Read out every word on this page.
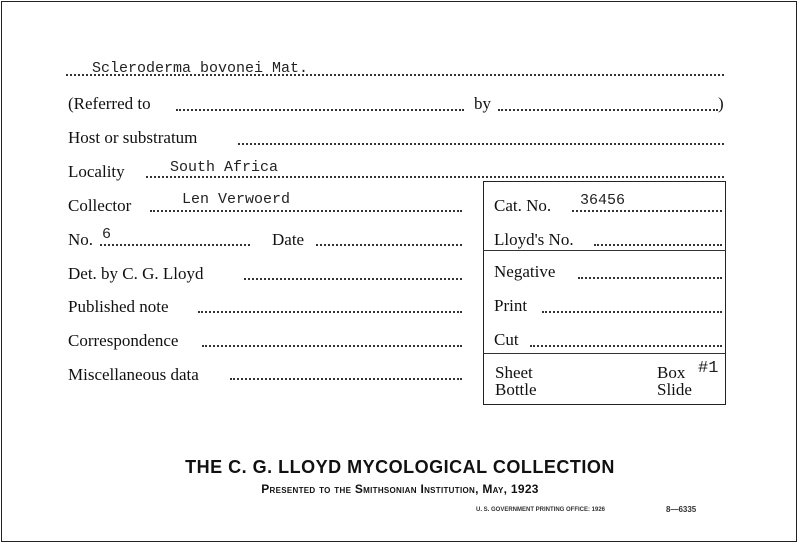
Scleroderma bovonei Mat.
(Referred to	by	)
Host or substratum
Locality	South Africa
Collector	Len Verwoerd
No. 6	Date
Det. by C. G. Lloyd
Published note
Correspondence
Miscellaneous data
Cat. No. 36456
Lloyd's No.
Negative
Print
Cut
Sheet
Bottle
Box #1
Slide
THE C. G. LLOYD MYCOLOGICAL COLLECTION
Presented to the Smithsonian Institution, May, 1923
U. S. GOVERNMENT PRINTING OFFICE: 1926	8—6335
